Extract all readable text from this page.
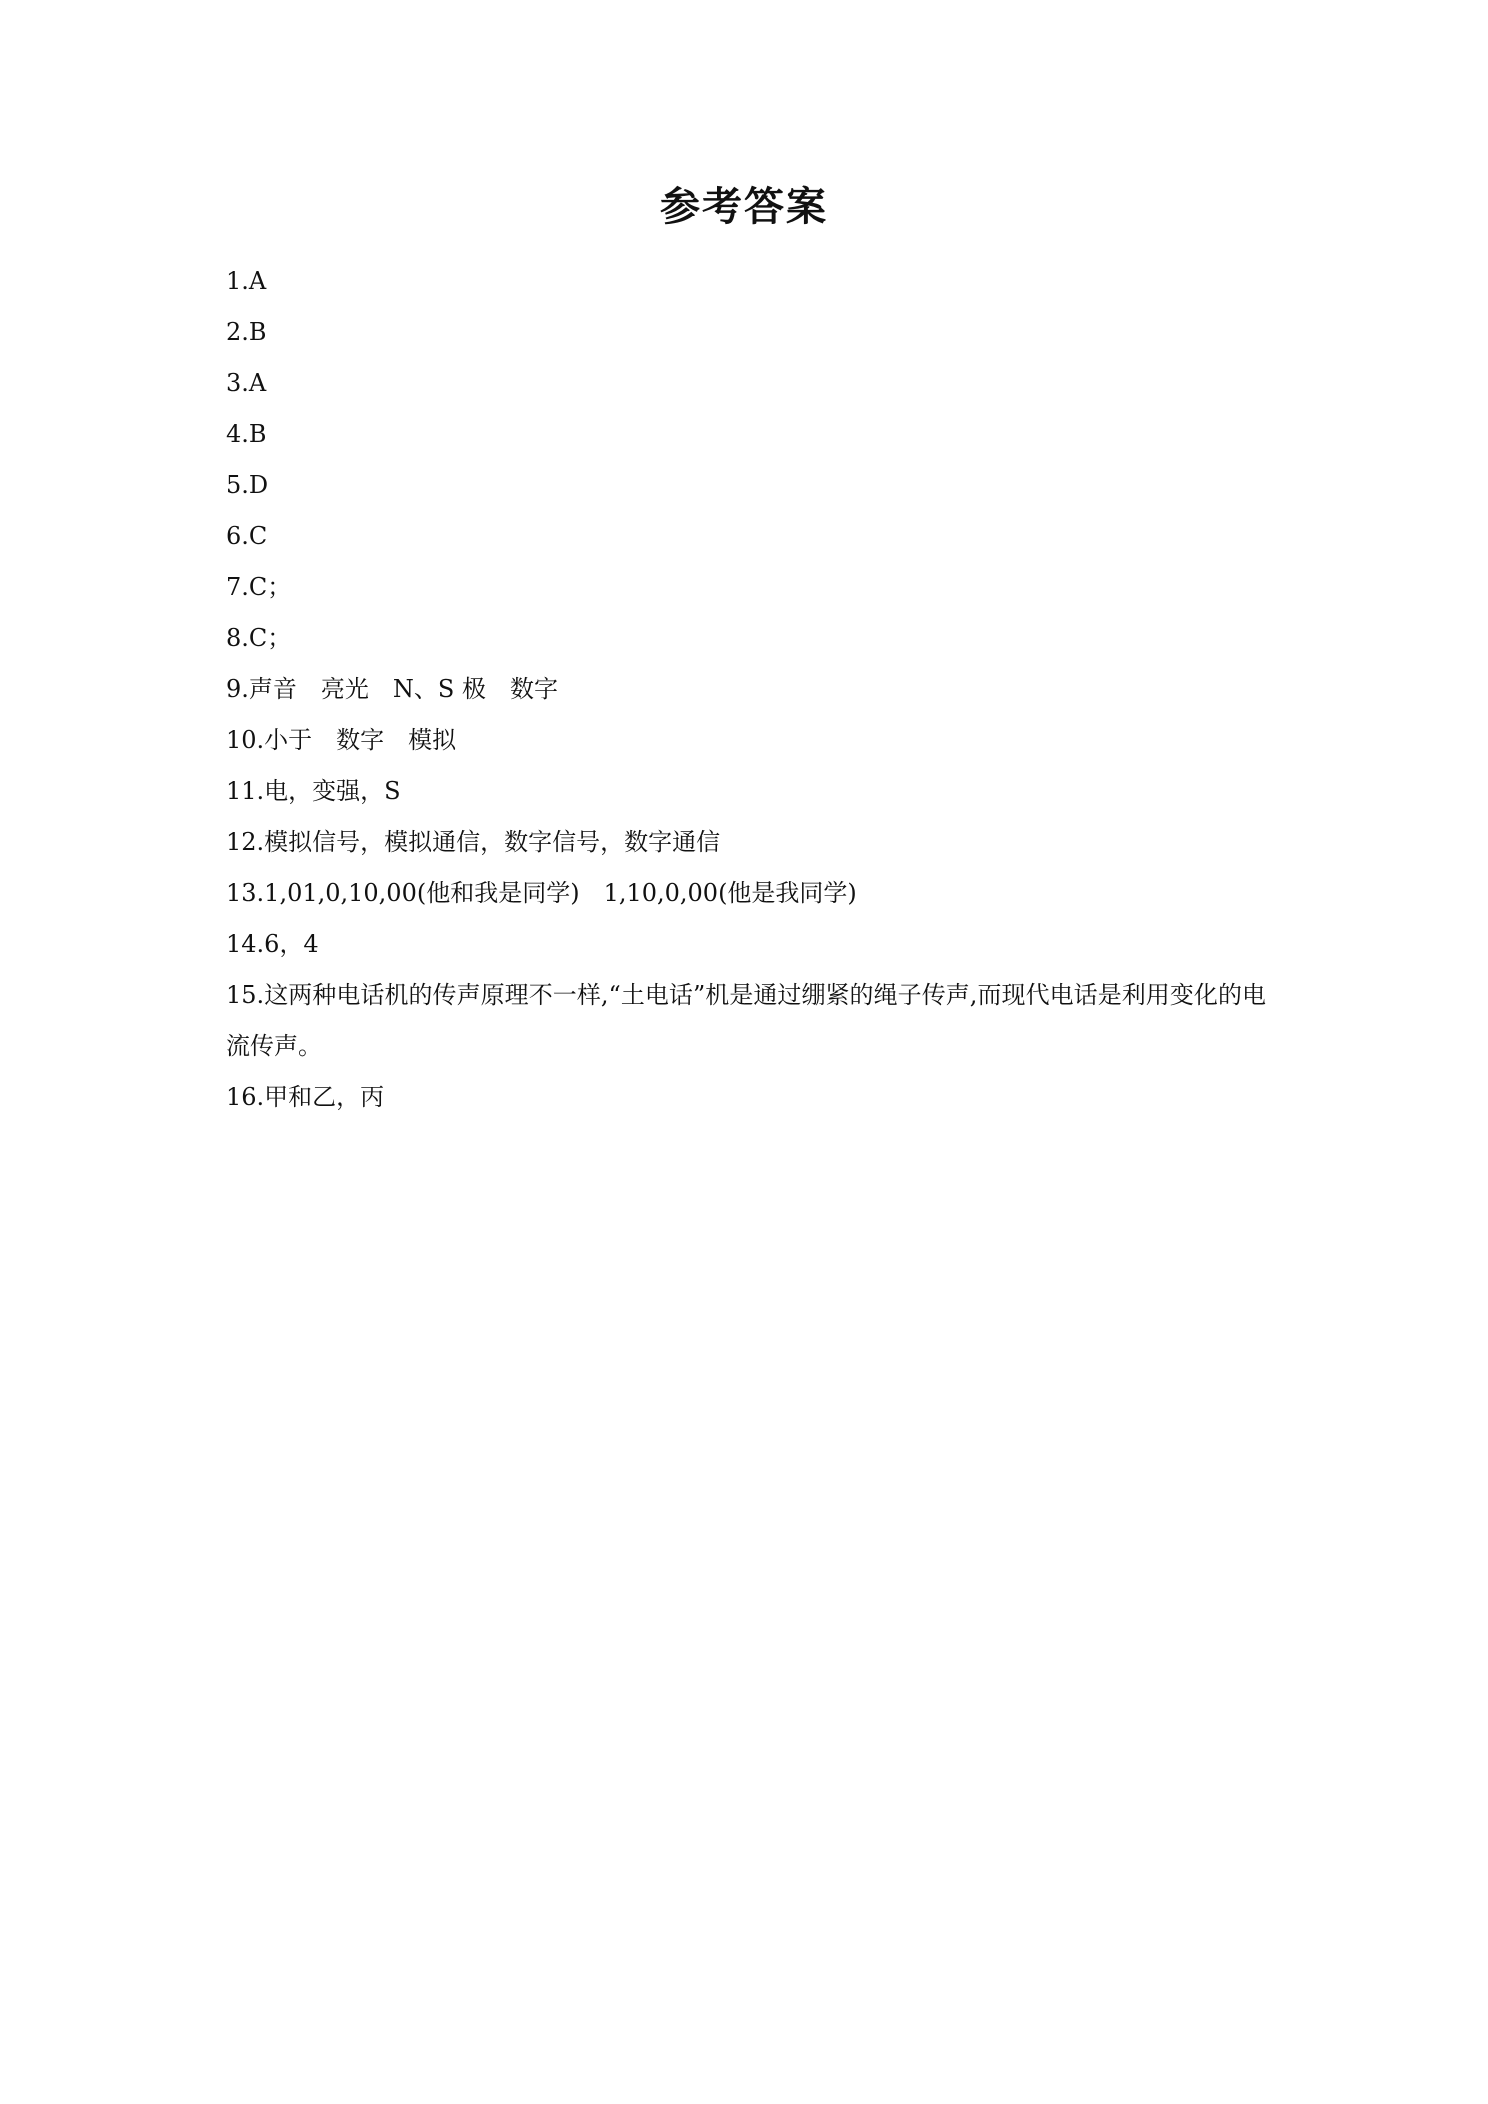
参考答案
1.A
2.B
3.A
4.B
5.D
6.C
7.C；
8.C；
9.声音　亮光　N、S 极　数字
10.小于　数字　模拟
11.电，变强，S
12.模拟信号，模拟通信，数字信号，数字通信
13.1,01,0,10,00(他和我是同学)　1,10,0,00(他是我同学)
14.6，4
15.这两种电话机的传声原理不一样,“土电话”机是通过绷紧的绳子传声,而现代电话是利用变化的电流传声。
16.甲和乙，丙
